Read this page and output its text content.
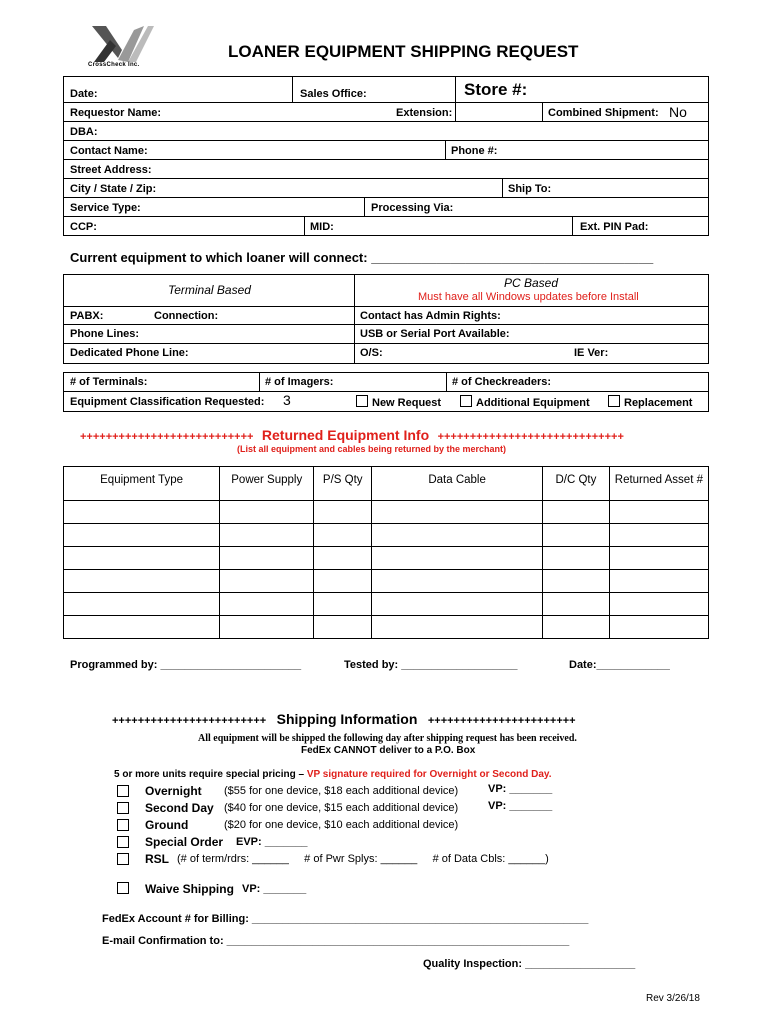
CrossCheck Inc.
LOANER EQUIPMENT SHIPPING REQUEST
Date:	Sales Office:	Store #:
Requestor Name:	Extension:	Combined Shipment: No
DBA:
Contact Name:	Phone #:
Street Address:
City / State / Zip:	Ship To:
Service Type:	Processing Via:
CCP:	MID:	Ext. PIN Pad:
Current equipment to which loaner will connect: _______________________________________
Terminal Based	PC Based
Must have all Windows updates before Install
PABX:	Connection:	Contact has Admin Rights:
Phone Lines:	USB or Serial Port Available:
Dedicated Phone Line:	O/S:	IE Ver:
# of Terminals:	# of Imagers:	# of Checkreaders:
Equipment Classification Requested: 3	New Request	Additional Equipment	Replacement
+++++++++++++++++++++++++++ Returned Equipment Info +++++++++++++++++++++++++++++
(List all equipment and cables being returned by the merchant)
Equipment Type	Power Supply	P/S Qty	Data Cable	D/C Qty	Returned Asset #

Programmed by: _______________________	Tested by: ___________________	Date:____________
++++++++++++++++++++++++ Shipping Information +++++++++++++++++++++++
All equipment will be shipped the following day after shipping request has been received.
FedEx CANNOT deliver to a P.O. Box
5 or more units require special pricing – VP signature required for Overnight or Second Day.
Overnight ($55 for one device, $18 each additional device)	VP: _______
Second Day ($40 for one device, $15 each additional device)	VP: _______
Ground	($20 for one device, $10 each additional device)
Special Order EVP: _______
RSL (# of term/rdrs: ______     # of Pwr Splys: ______     # of Data Cbls: ______)
Waive Shipping VP: _______
FedEx Account # for Billing: _______________________________________________________
E-mail Confirmation to: ________________________________________________________
Quality Inspection: __________________
Rev 3/26/18
